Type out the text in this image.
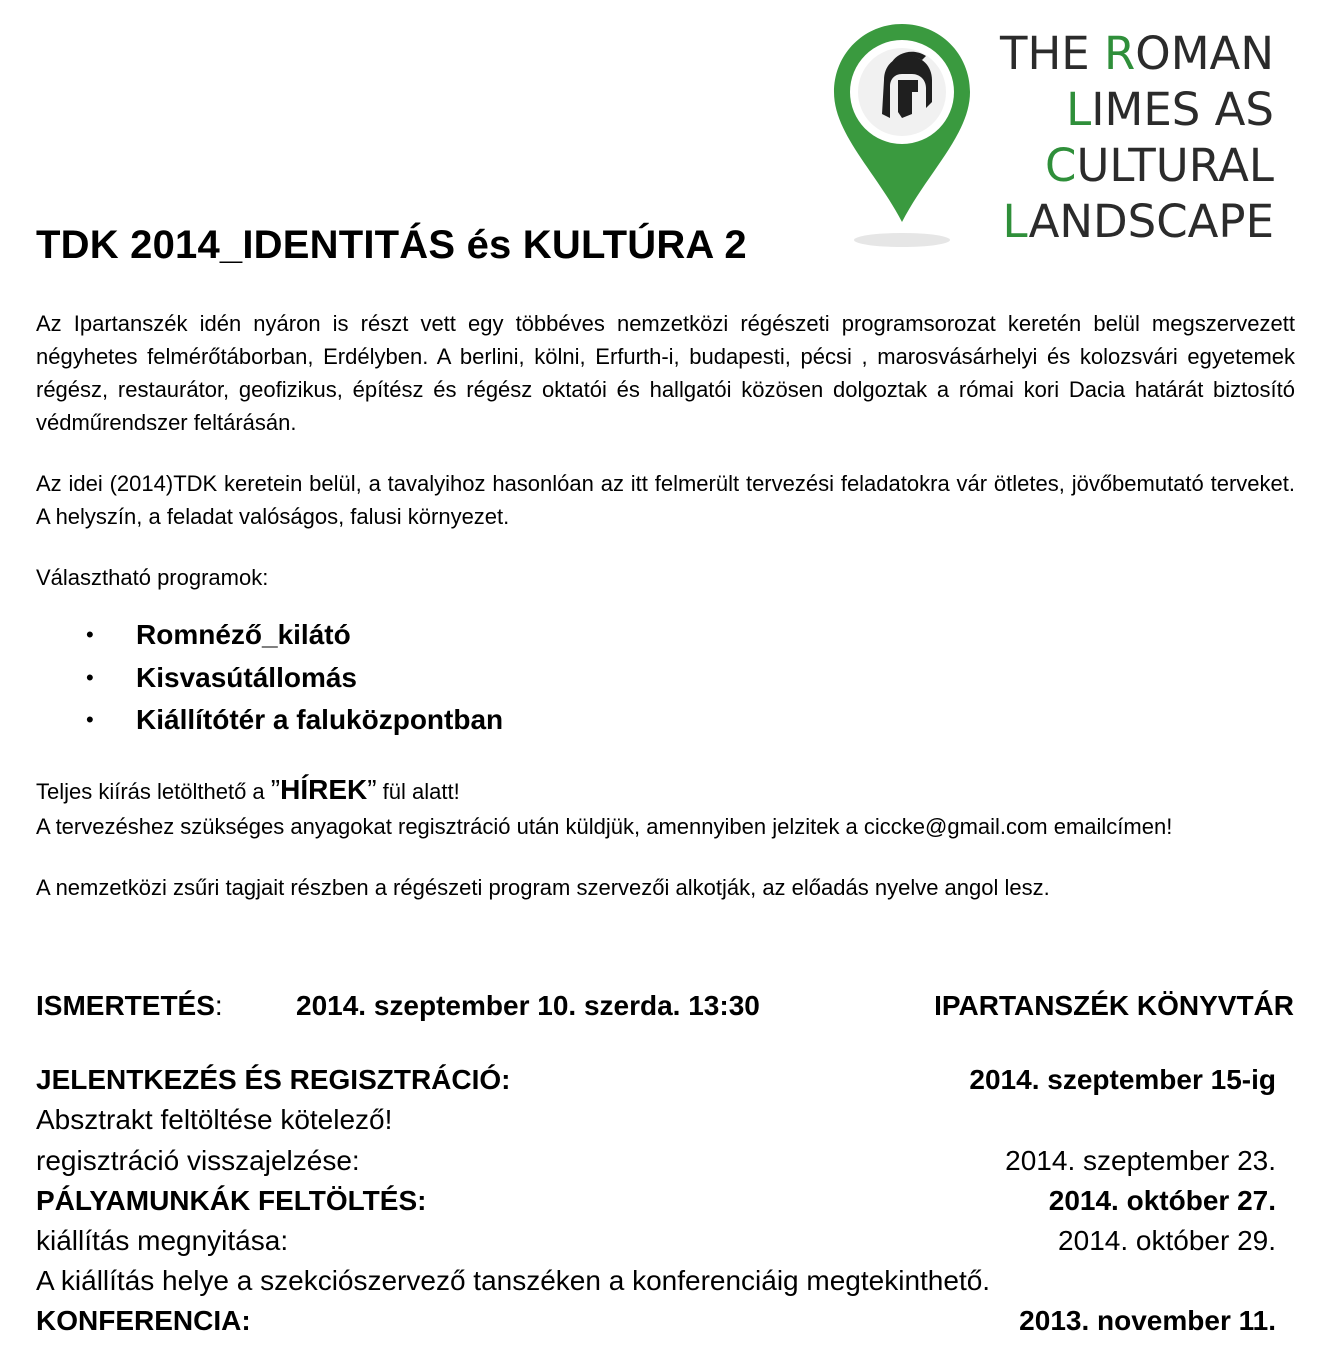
THE ROMAN
LIMES AS
CULTURAL
LANDSCAPE
TDK 2014_IDENTITÁS és KULTÚRA 2

Az Ipartanszék idén nyáron is részt vett egy többéves nemzetközi régészeti programsorozat keretén belül megszervezett négyhetes felmérőtáborban, Erdélyben. A berlini, kölni, Erfurth-i, budapesti, pécsi , marosvásárhelyi és kolozsvári egyetemek régész, restaurátor, geofizikus, építész és régész oktatói és hallgatói közösen dolgoztak a római kori Dacia határát biztosító védműrendszer feltárásán.

Az idei (2014)TDK keretein belül, a tavalyihoz hasonlóan az itt felmerült tervezési feladatokra vár ötletes, jövőbemutató terveket. A helyszín, a feladat valóságos, falusi környezet.

Választható programok:

• Romnéző_kilátó
• Kisvasútállomás
• Kiállítótér a faluközpontban
Teljes kiírás letölthető a ”HÍREK” fül alatt!

A tervezéshez szükséges anyagokat regisztráció után küldjük, amennyiben jelzitek a ciccke@gmail.com emailcímen!

A nemzetközi zsűri tagjait részben a régészeti program szervezői alkotják, az előadás nyelve angol lesz.

ISMERTETÉS:	2014. szeptember 10. szerda. 13:30	IPARTANSZÉK KÖNYVTÁR
JELENTKEZÉS ÉS REGISZTRÁCIÓ:	2014. szeptember 15-ig
Absztrakt feltöltése kötelező!
regisztráció visszajelzése:	2014. szeptember 23.
PÁLYAMUNKÁK FELTÖLTÉS:	2014. október 27.
kiállítás megnyitása:	2014. október 29.
A kiállítás helye a szekciószervező tanszéken a konferenciáig megtekinthető.
KONFERENCIA:	2013. november 11.
